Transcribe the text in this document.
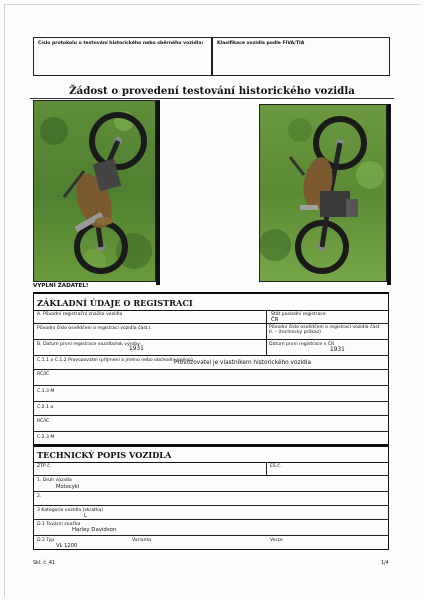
Číslo protokolu o testování historického nebo sběrného vozidla:	Klasifikace vozidla podle FIVA/TIA
Žádost o provedení testování historického vozidla
VYPLNÍ ŽADATEL!
ZÁKLADNÍ ÚDAJE O REGISTRACI
A. Původní registrační značka vozidla	Stát poslední registrace
ČR
Původní číslo osvědčení o registraci vozidla část I.	Původní číslo osvědčení o registraci vozidla část II. – (technický průkaz)
B. Datum první registrace vozidla/rok výroby
1931
Datum první registrace v ČR
1931
C.1.1 a C.1.2 Provozovatel (příjmení a jméno nebo obchodní jméno)
Provozovatel je vlastníkem historického vozidla
RČ/IČ
C.1.3 M
C.2.1 a
RČ/IČ
C.2.3 M
TECHNICKÝ POPIS VOZIDLA
ZTP č.	ES č.
1. Druh vozidla
Motocykl
2.
3 Kategorie vozidla (zkratka)
L
D.1 Tovární značka
Harley Davidson
D.2 Typ
VL 1200
Varianta	Verze
Skl. č. 41	1/4
